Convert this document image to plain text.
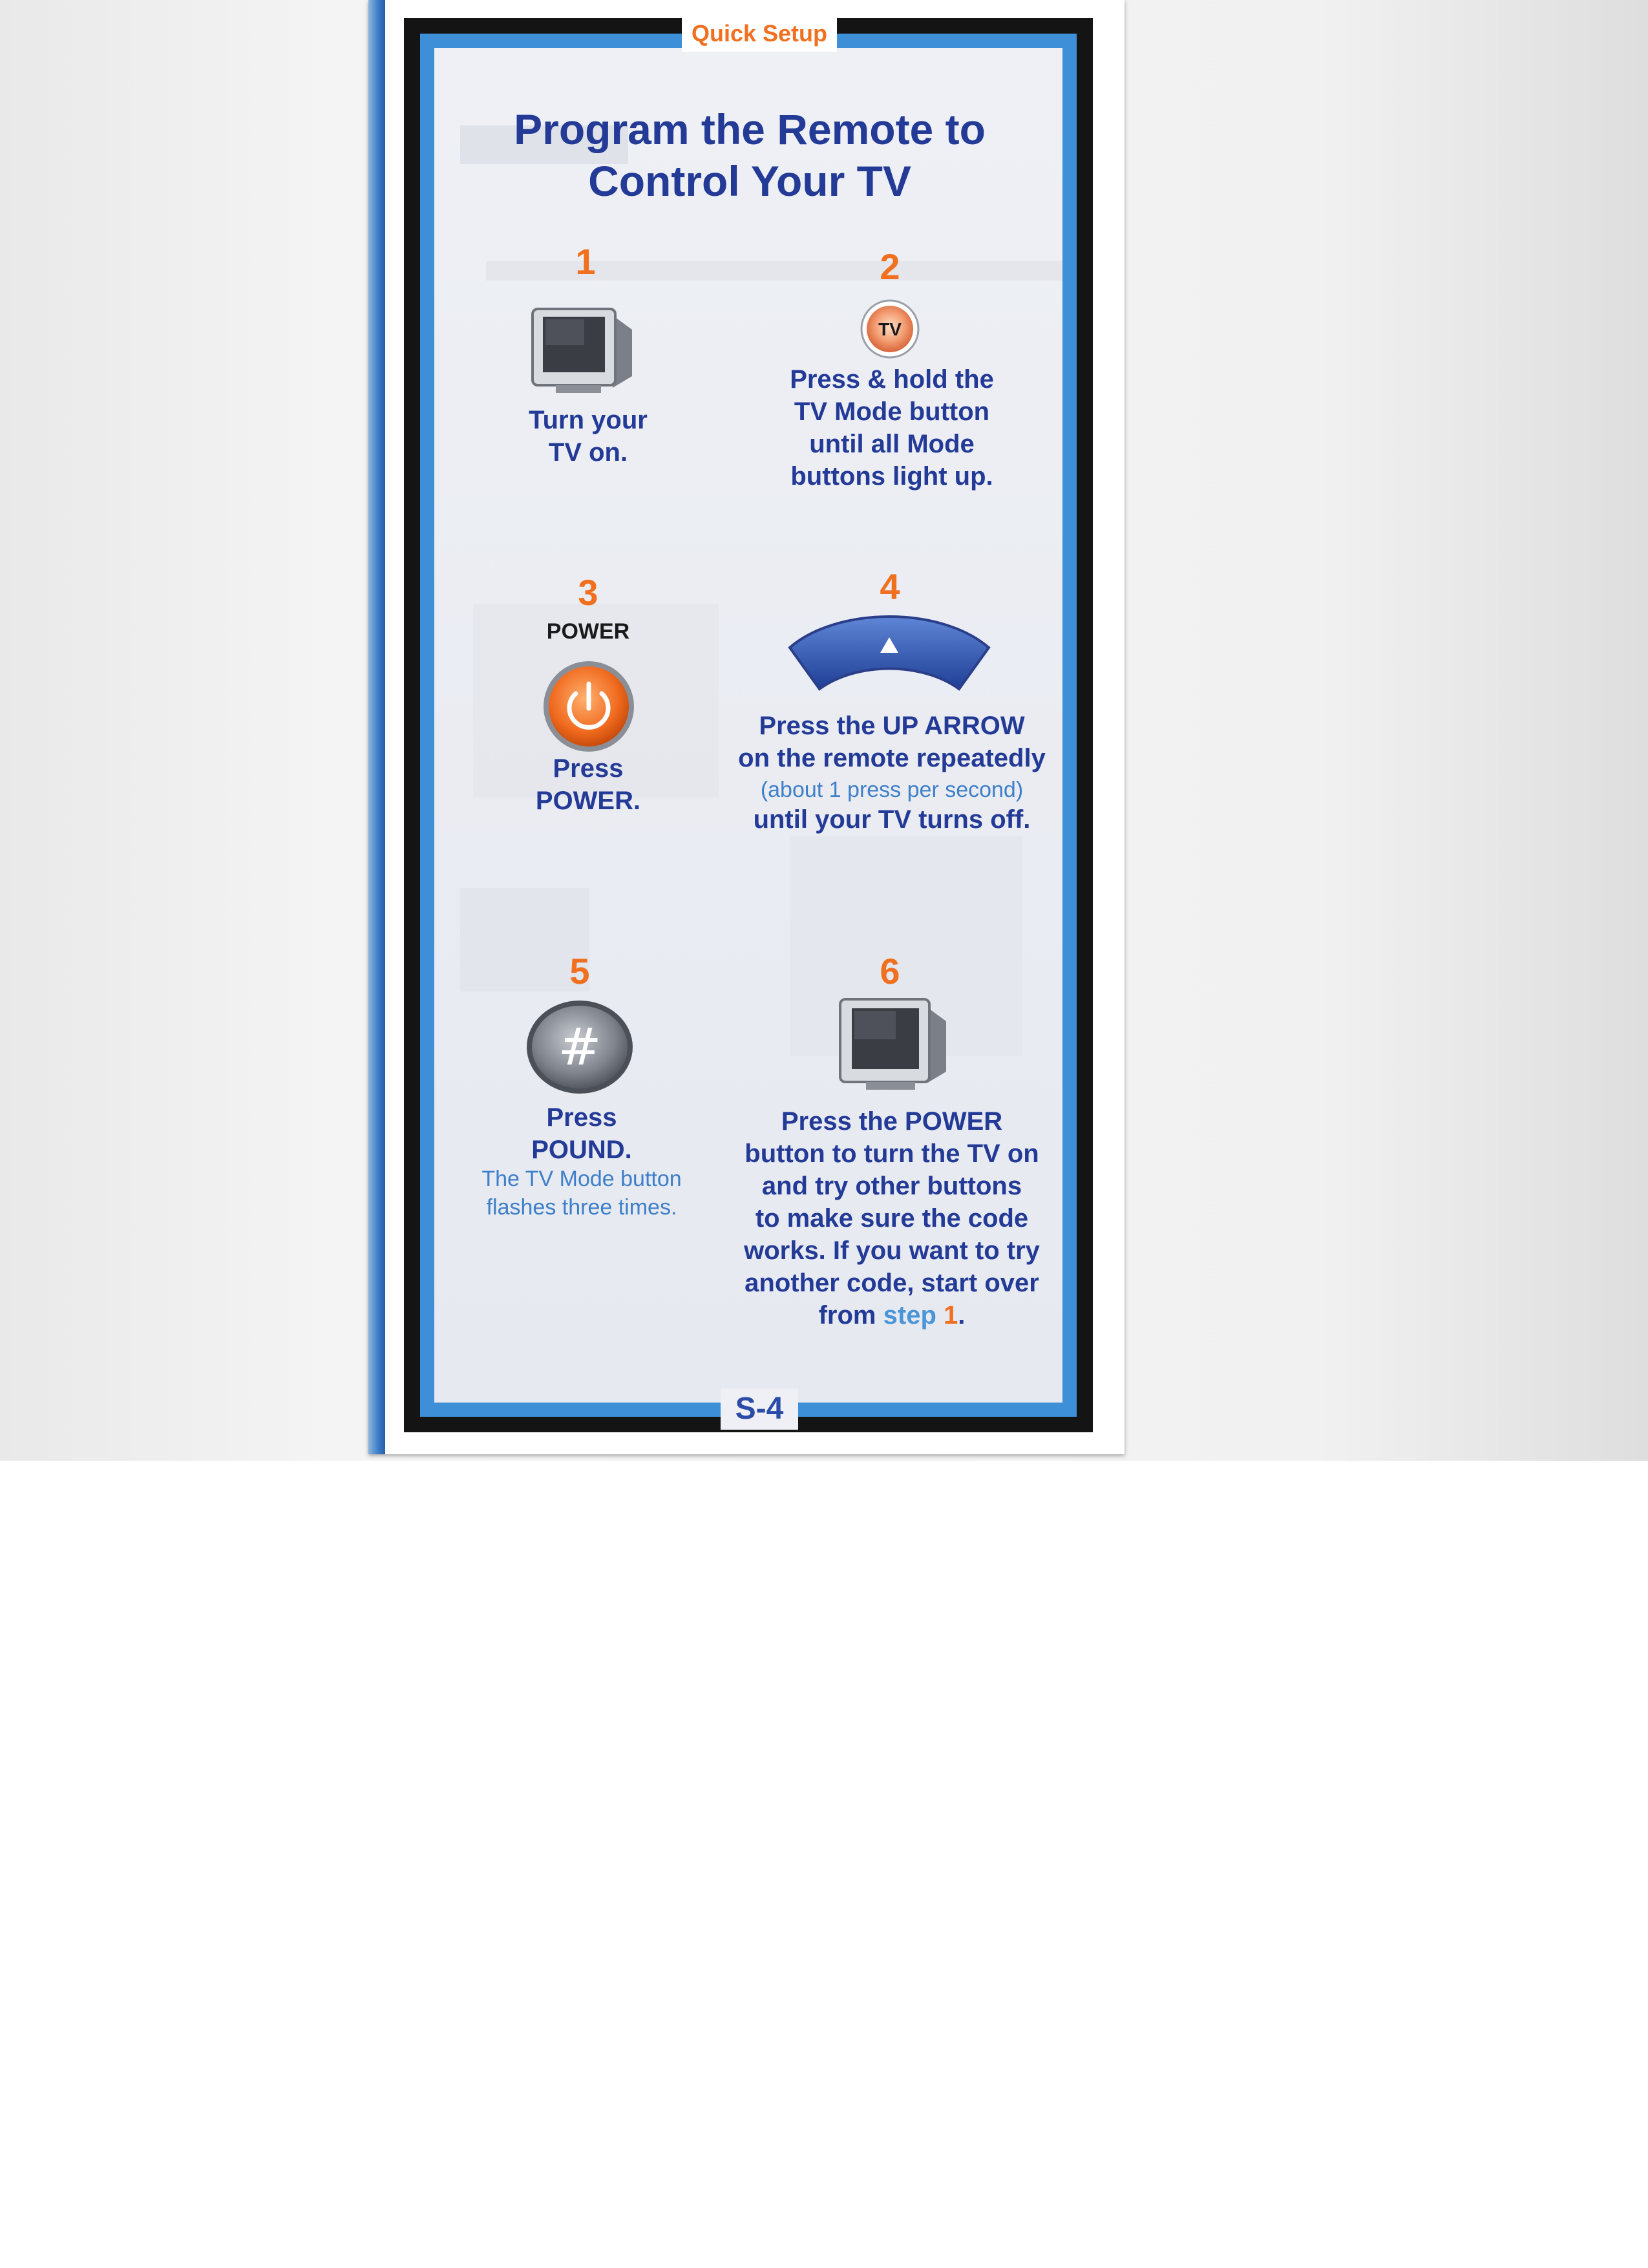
Quick Setup
Program the Remote to
Control Your TV
1
Turn your
TV on.
2
TV
Press & hold the
TV Mode button
until all Mode
buttons light up.
3
POWER
Press
POWER.
4
Press the UP ARROW
on the remote repeatedly
(about 1 press per second)
until your TV turns off.
5
#
Press
POUND.
The TV Mode button
flashes three times.
6
Press the POWER
button to turn the TV on
and try other buttons
to make sure the code
works. If you want to try
another code, start over
from step 1.
S-4
